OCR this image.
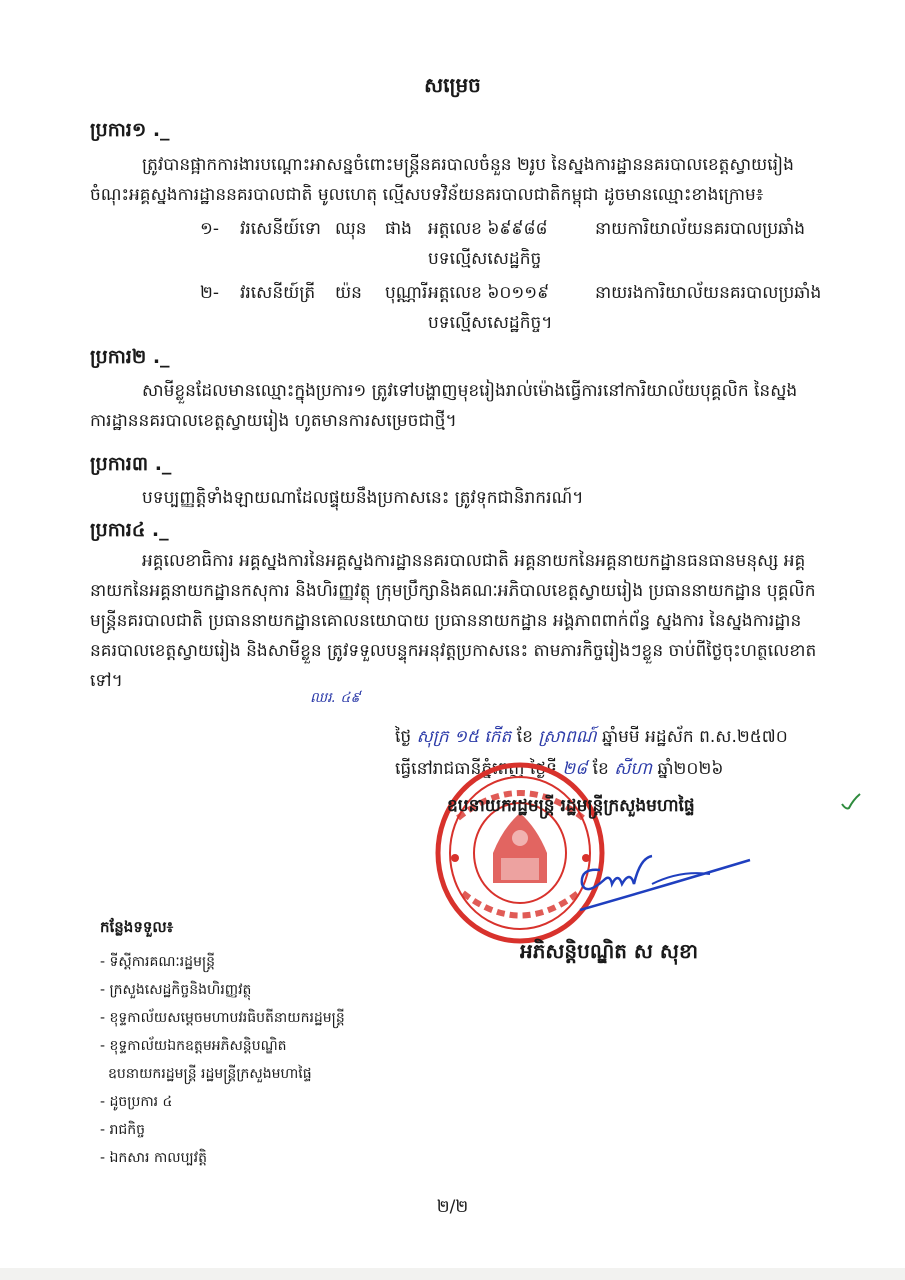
សម្រេច
ប្រការ១ ._
ត្រូវបានផ្អាកការងារបណ្តោះអាសន្នចំពោះមន្ត្រីនគរបាលចំនួន ២រូប នៃស្នងការដ្ឋាននគរបាលខេត្តស្វាយរៀង ចំណុះអគ្គស្នងការដ្ឋាននគរបាលជាតិ មូលហេតុ ល្មើសបទវិន័យនគរបាលជាតិកម្ពុជា ដូចមានឈ្មោះខាងក្រោម៖
១- វរសេនីយ៍ទោ ឈុន ផាង អត្តលេខ ៦៩៩៨៨	នាយការិយាល័យនគរបាលប្រឆាំង
បទល្មើសសេដ្ឋកិច្ច
២- វរសេនីយ៍ត្រី យ៉ន បុណ្ណារី អត្តលេខ ៦០១១៩	នាយរងការិយាល័យនគរបាលប្រឆាំង
បទល្មើសសេដ្ឋកិច្ច។
ប្រការ២ ._
សាមីខ្លួនដែលមានឈ្មោះក្នុងប្រការ១ ត្រូវទៅបង្ហាញមុខរៀងរាល់ម៉ោងធ្វើការនៅការិយាល័យបុគ្គលិក នៃស្នងការដ្ឋាននគរបាលខេត្តស្វាយរៀង ហូតមានការសម្រេចជាថ្មី។
ប្រការ៣ ._
បទប្បញ្ញត្តិទាំងឡាយណាដែលផ្ទុយនឹងប្រកាសនេះ ត្រូវទុកជានិរាករណ៍។
ប្រការ៤ ._
អគ្គលេខាធិការ អគ្គស្នងការនៃអគ្គស្នងការដ្ឋាននគរបាលជាតិ អគ្គនាយកនៃអគ្គនាយកដ្ឋានធនធានមនុស្ស អគ្គនាយកនៃអគ្គនាយកដ្ឋានកសុការ និងហិរញ្ញវត្ថុ ក្រុមប្រឹក្សានិងគណៈអភិបាលខេត្តស្វាយរៀង ប្រធាននាយកដ្ឋាន បុគ្គលិកមន្ត្រីនគរបាលជាតិ ប្រធាននាយកដ្ឋានគោលនយោបាយ ប្រធាននាយកដ្ឋាន អង្គភាពពាក់ព័ន្ធ ស្នងការ នៃស្នងការដ្ឋាននគរបាលខេត្តស្វាយរៀង និងសាមីខ្លួន ត្រូវទទួលបន្ទុកអនុវត្តប្រកាសនេះ តាមភារកិច្ចរៀងៗខ្លួន ចាប់ពីថ្ងៃចុះហត្ថលេខាតទៅ។
ឈរ. ៤៩
ថ្ងៃ សុក្រ ១៥ កើត ខែ ស្រាពណ៍ ឆ្នាំមមី អដ្ឋស័ក ព.ស.២៥៧០
ធ្វើនៅរាជធានីភ្នំពេញ ថ្ងៃទី ២៨ ខែ សីហា ឆ្នាំ២០២៦
ឧបនាយករដ្ឋមន្ត្រី រដ្ឋមន្ត្រីក្រសួងមហាផ្ទៃ
អភិសន្តិបណ្ឌិត ស សុខា
កន្លែងទទួល៖
- ទីស្តីការគណៈរដ្ឋមន្ត្រី
- ក្រសួងសេដ្ឋកិច្ចនិងហិរញ្ញវត្ថុ
- ខុទ្ទកាល័យសម្តេចមហាបវរធិបតីនាយករដ្ឋមន្ត្រី
- ខុទ្ទកាល័យឯកឧត្តមអភិសន្តិបណ្ឌិត
ឧបនាយករដ្ឋមន្ត្រី រដ្ឋមន្ត្រីក្រសួងមហាផ្ទៃ
- ដូចប្រការ ៤
- រាជកិច្ច
- ឯកសារ កាលប្បវត្តិ
២/២
